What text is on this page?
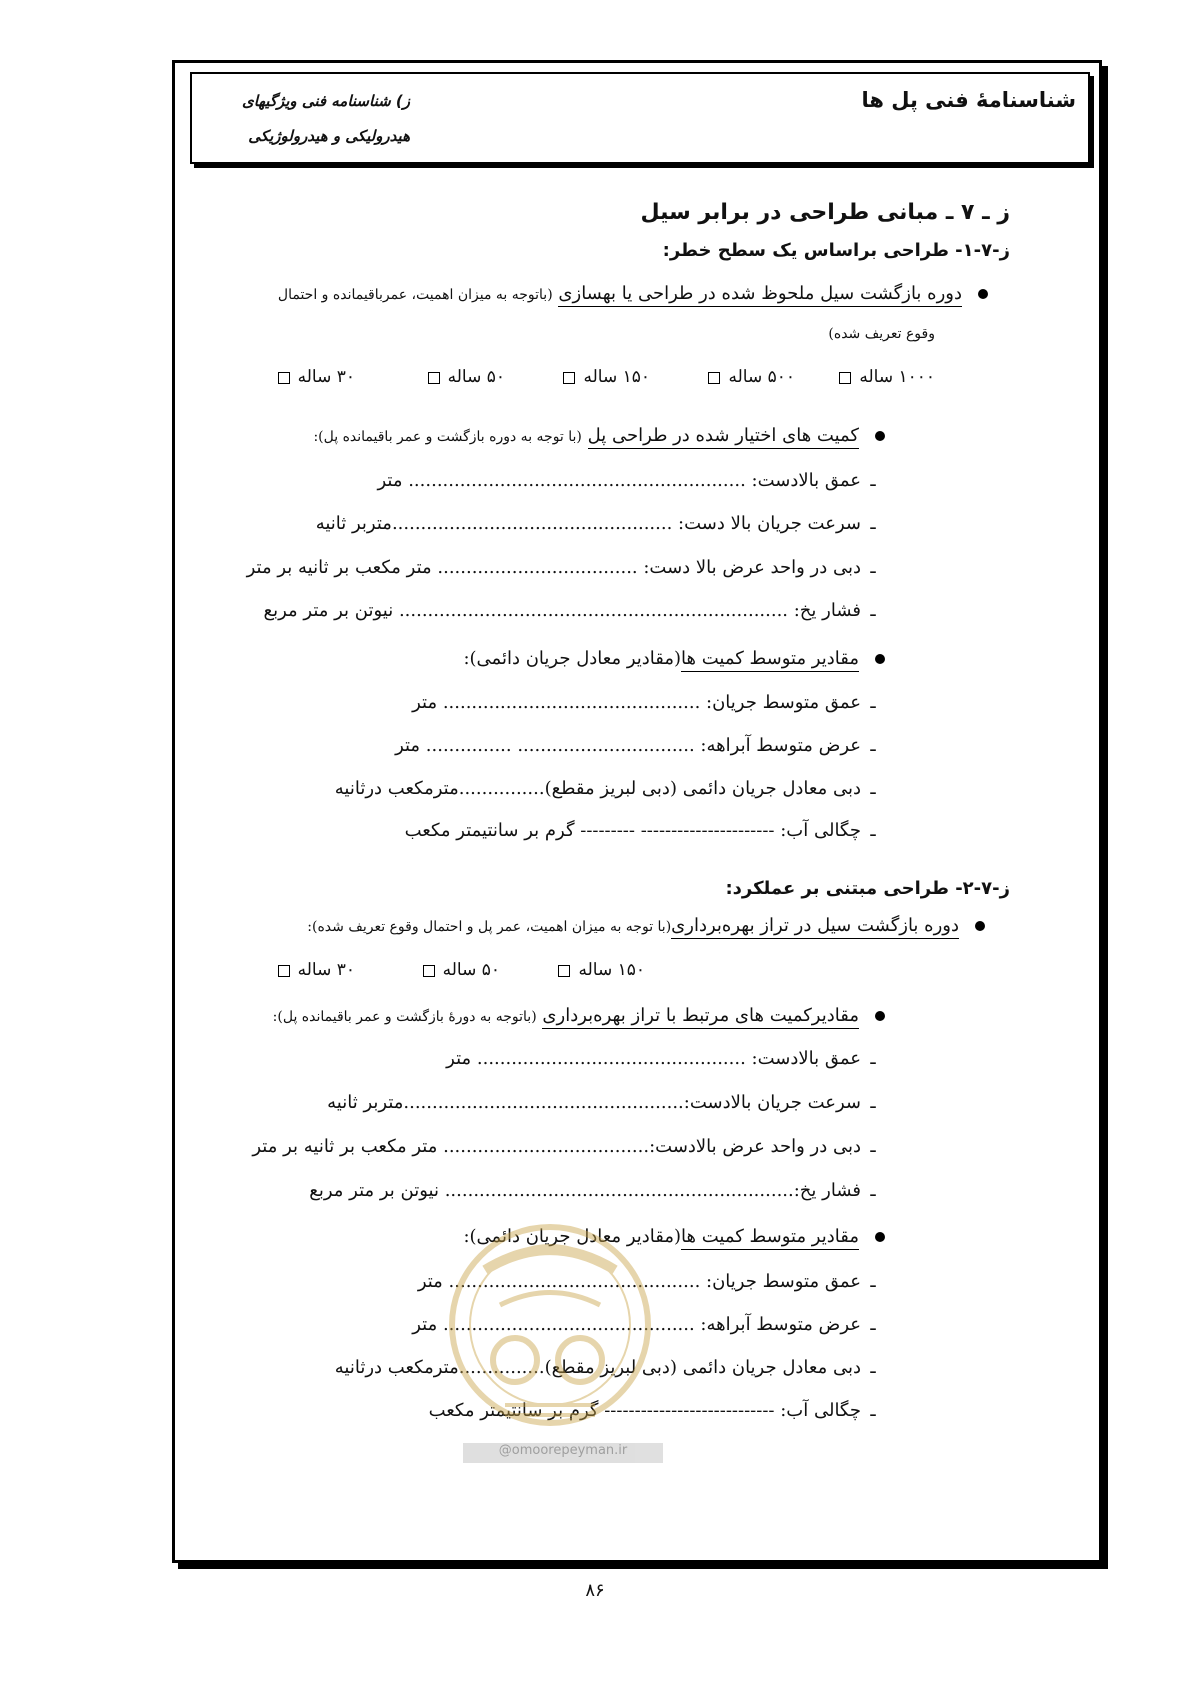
شناسنامهٔ فنی پل ها
ز) شناسنامه فنی ویژگیهای
هیدرولیکی و هیدرولوژیکی
ز ـ ۷ ـ مبانی طراحی در برابر سیل
ز-۷-۱- طراحی براساس یک سطح خطر:
دوره بازگشت سیل ملحوظ شده در طراحی یا بهسازی (باتوجه به میزان اهمیت، عمرباقیمانده و احتمال
وقوع تعریف شده)
۱۰۰۰ ساله
۵۰۰ ساله
۱۵۰ ساله
۵۰ ساله
۳۰ ساله
کمیت های اختیار شده در طراحی پل (با توجه به دوره بازگشت و عمر باقیمانده پل):
ـعمق بالادست: ........................................................... متر
ـسرعت جریان بالا دست: .................................................متربر ثانیه
ـدبی در واحد عرض بالا دست: ................................... متر مکعب بر ثانیه بر متر
ـفشار یخ: .................................................................... نیوتن بر متر مربع
مقادیر متوسط کمیت ها(مقادیر معادل جریان دائمی):
ـعمق متوسط جریان: ............................................. متر
ـعرض متوسط آبراهه: ............................... ............... متر
ـدبی معادل جریان دائمی (دبی لبریز مقطع)...............مترمکعب درثانیه
ـچگالی آب: ---------------------- --------- گرم بر سانتیمتر مکعب
ز-۷-۲- طراحی مبتنی بر عملکرد:
دوره بازگشت سیل در تراز بهره‌برداری(با توجه به میزان اهمیت، عمر پل و احتمال وقوع تعریف شده):
۱۵۰ ساله
۵۰ ساله
۳۰ ساله
مقادیرکمیت های مرتبط با تراز بهره‌برداری (باتوجه به دورهٔ بازگشت و عمر باقیمانده پل):
ـعمق بالادست: ............................................... متر
ـسرعت جریان بالادست:.................................................متربر ثانیه
ـدبی در واحد عرض بالادست:.................................... متر مکعب بر ثانیه بر متر
ـفشار یخ:............................................................. نیوتن بر متر مربع
مقادیر متوسط کمیت ها(مقادیر معادل جریان دائمی):
ـعمق متوسط جریان: ............................................ متر
ـعرض متوسط آبراهه: ............................................ متر
ـدبی معادل جریان دائمی (دبی لبریز مقطع)...............مترمکعب درثانیه
ـچگالی آب: ---------------------------- گرم بر سانتیمتر مکعب
@omoorepeyman.ir
۸۶
